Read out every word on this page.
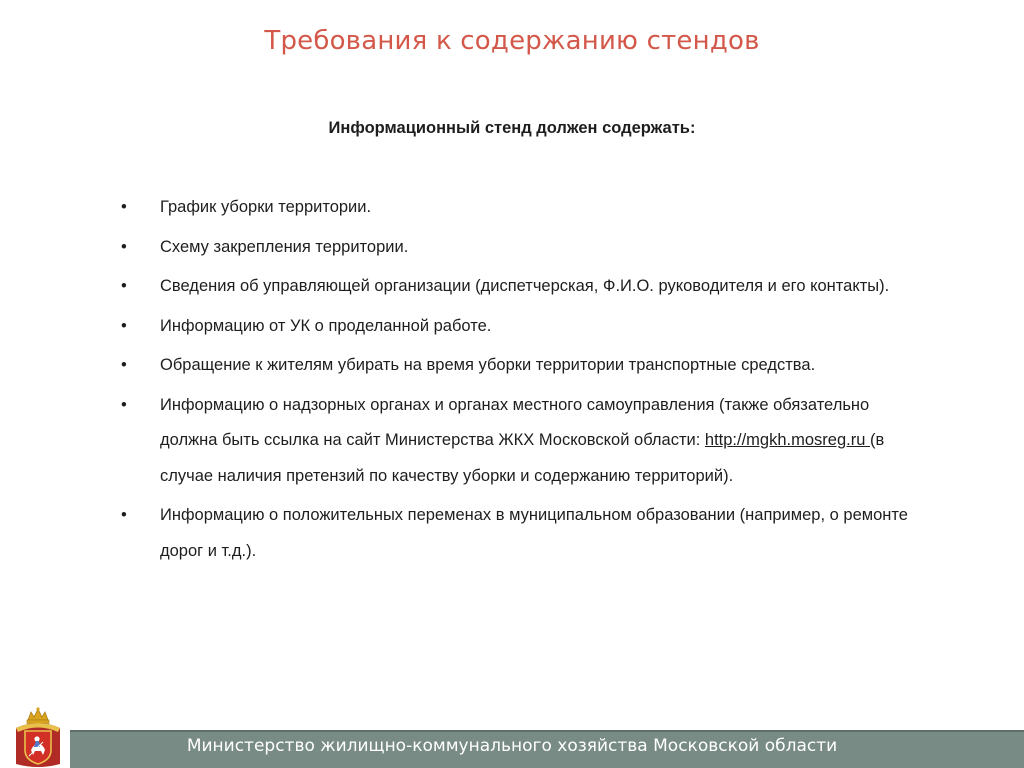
Требования к содержанию стендов
Информационный стенд должен содержать:
• График уборки территории.
• Схему закрепления территории.
• Сведения об управляющей организации (диспетчерская, Ф.И.О. руководителя и его контакты).
• Информацию от УК о проделанной работе.
• Обращение к жителям убирать на время уборки территории транспортные средства.
• Информацию о надзорных органах и органах местного самоуправления (также обязательно должна быть ссылка на сайт Министерства ЖКХ Московской области: http://mgkh.mosreg.ru (в случае наличия претензий по качеству уборки и содержанию территорий).
• Информацию о положительных переменах в муниципальном образовании (например, о ремонте дорог и т.д.).
Министерство жилищно-коммунального хозяйства Московской области
